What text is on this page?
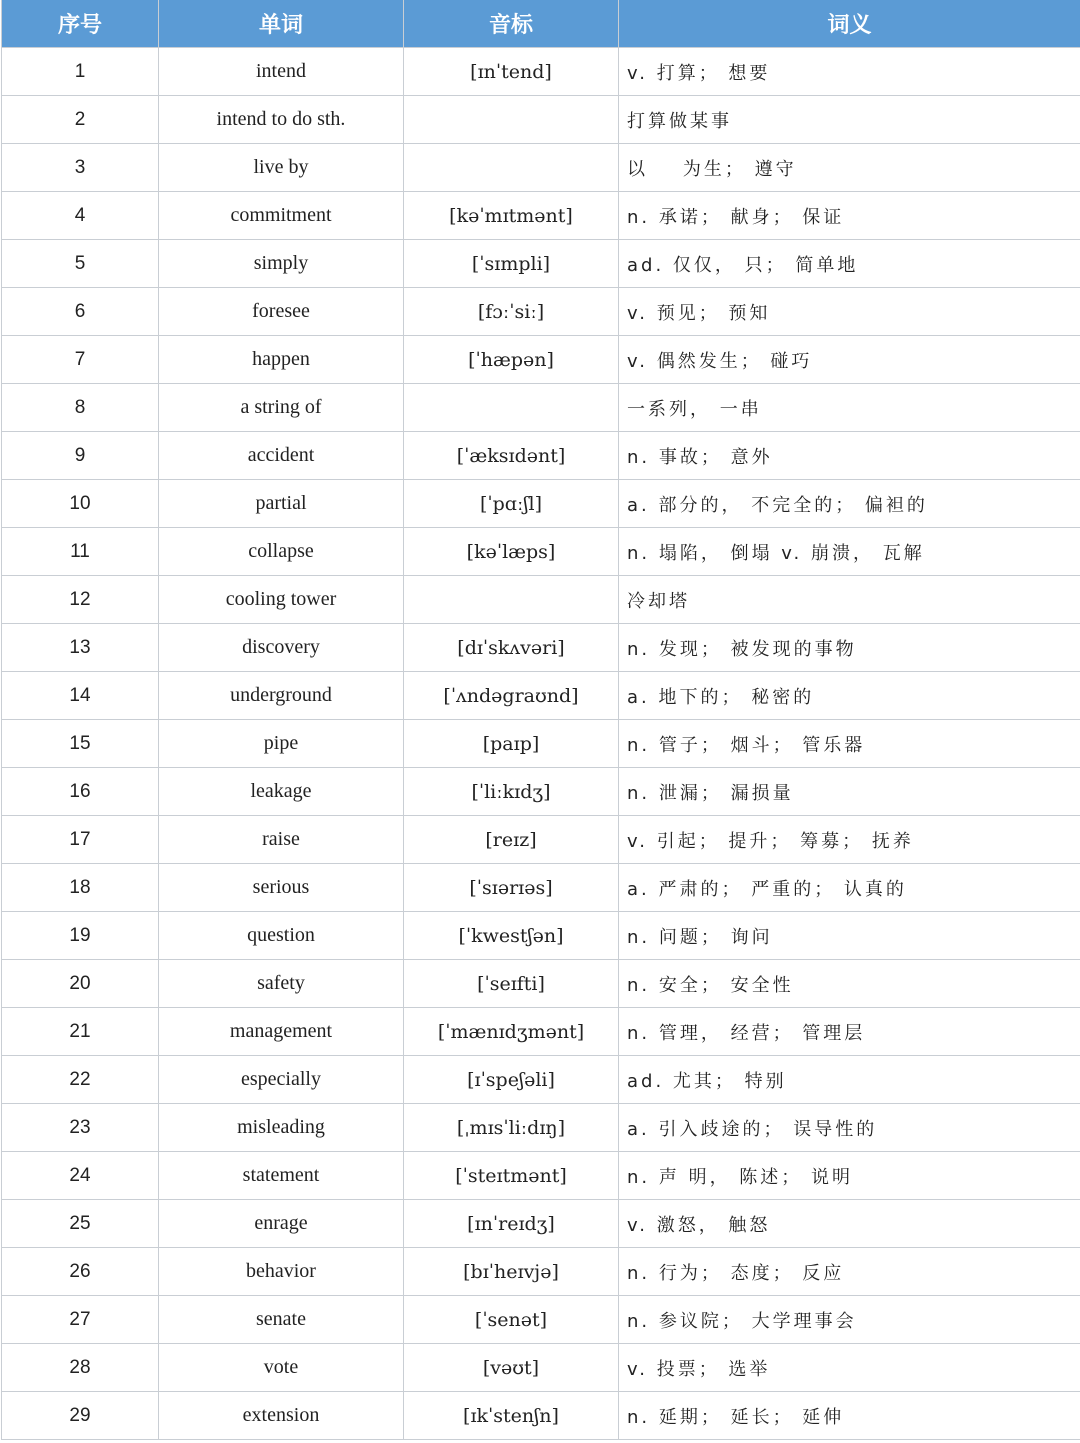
序号	单词	音标	词义
1	intend	[ɪnˈtend]	v. 打算； 想要
2	intend to do sth.		打算做某事
3	live by		以    为生； 遵守
4	commitment	[kəˈmɪtmənt]	n. 承诺； 献身； 保证
5	simply	[ˈsɪmpli]	ad. 仅仅， 只； 简单地
6	foresee	[fɔːˈsiː]	v. 预见； 预知
7	happen	[ˈhæpən]	v. 偶然发生； 碰巧
8	a string of		一系列， 一串
9	accident	[ˈæksɪdənt]	n. 事故； 意外
10	partial	[ˈpɑːʃl]	a. 部分的， 不完全的； 偏袒的
11	collapse	[kəˈlæps]	n. 塌陷， 倒塌 v. 崩溃， 瓦解
12	cooling tower		冷却塔
13	discovery	[dɪˈskʌvəri]	n. 发现； 被发现的事物
14	underground	[ˈʌndəgraʊnd]	a. 地下的； 秘密的
15	pipe	[paɪp]	n. 管子； 烟斗； 管乐器
16	leakage	[ˈliːkɪdʒ]	n. 泄漏； 漏损量
17	raise	[reɪz]	v. 引起； 提升； 筹募； 抚养
18	serious	[ˈsɪərɪəs]	a. 严肃的； 严重的； 认真的
19	question	[ˈkwestʃən]	n. 问题； 询问
20	safety	[ˈseɪfti]	n. 安全； 安全性
21	management	[ˈmænɪdʒmənt]	n. 管理， 经营； 管理层
22	especially	[ɪˈspeʃəli]	ad. 尤其； 特别
23	misleading	[ˌmɪsˈliːdɪŋ]	a. 引入歧途的； 误导性的
24	statement	[ˈsteɪtmənt]	n. 声 明， 陈述； 说明
25	enrage	[ɪnˈreɪdʒ]	v. 激怒， 触怒
26	behavior	[bɪˈheɪvjə]	n. 行为； 态度； 反应
27	senate	[ˈsenət]	n. 参议院； 大学理事会
28	vote	[vəʊt]	v. 投票； 选举
29	extension	[ɪkˈstenʃn]	n. 延期； 延长； 延伸
